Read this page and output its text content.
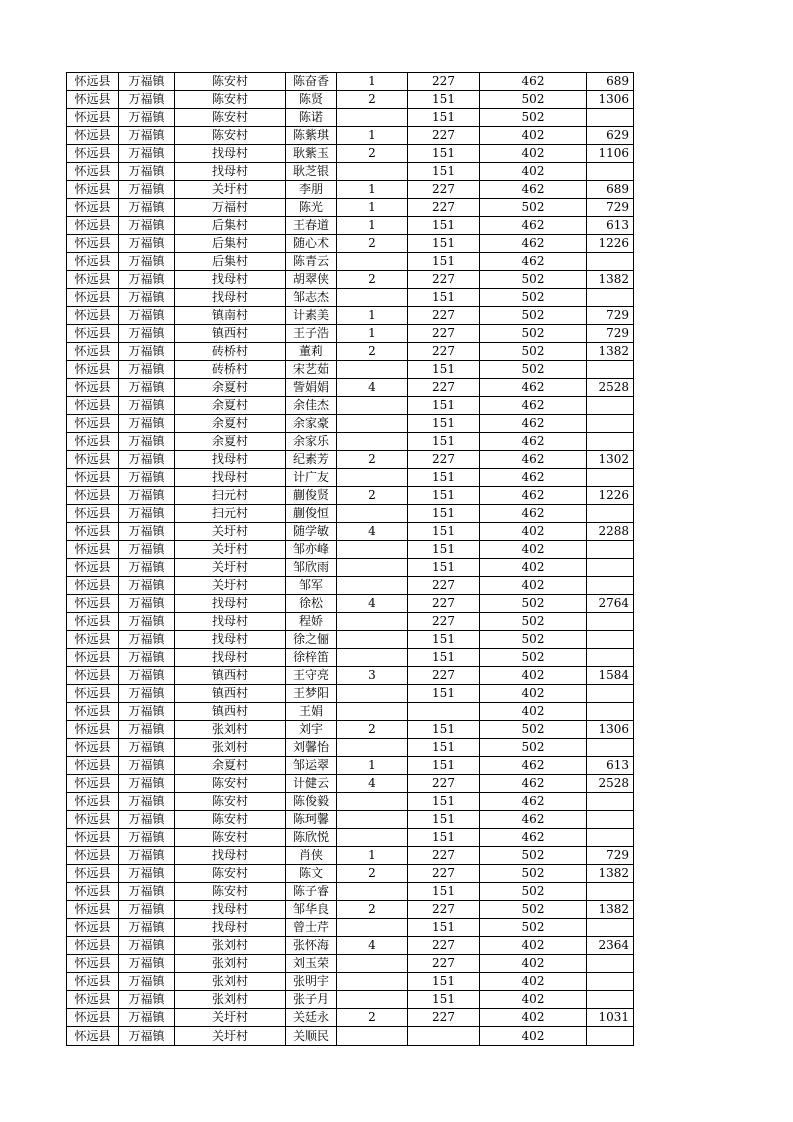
怀远县	万福镇	陈安村	陈奋香	1	227	462	689
怀远县	万福镇	陈安村	陈贤	2	151	502	1306
怀远县	万福镇	陈安村	陈诺		151	502	
怀远县	万福镇	陈安村	陈紫琪	1	227	402	629
怀远县	万福镇	找母村	耿紫玉	2	151	402	1106
怀远县	万福镇	找母村	耿芝银		151	402	
怀远县	万福镇	关圩村	李朋	1	227	462	689
怀远县	万福镇	万福村	陈光	1	227	502	729
怀远县	万福镇	后集村	王春道	1	151	462	613
怀远县	万福镇	后集村	随心术	2	151	462	1226
怀远县	万福镇	后集村	陈青云		151	462	
怀远县	万福镇	找母村	胡翠侠	2	227	502	1382
怀远县	万福镇	找母村	邹志杰		151	502	
怀远县	万福镇	镇南村	计素美	1	227	502	729
怀远县	万福镇	镇西村	王子浩	1	227	502	729
怀远县	万福镇	砖桥村	董莉	2	227	502	1382
怀远县	万福镇	砖桥村	宋艺茹		151	502	
怀远县	万福镇	余夏村	訾娟娟	4	227	462	2528
怀远县	万福镇	余夏村	余佳杰		151	462	
怀远县	万福镇	余夏村	余家豪		151	462	
怀远县	万福镇	余夏村	余家乐		151	462	
怀远县	万福镇	找母村	纪素芳	2	227	462	1302
怀远县	万福镇	找母村	计广友		151	462	
怀远县	万福镇	扫元村	蒯俊贤	2	151	462	1226
怀远县	万福镇	扫元村	蒯俊恒		151	462	
怀远县	万福镇	关圩村	随学敏	4	151	402	2288
怀远县	万福镇	关圩村	邹亦峰		151	402	
怀远县	万福镇	关圩村	邹欣雨		151	402	
怀远县	万福镇	关圩村	邹军		227	402	
怀远县	万福镇	找母村	徐松	4	227	502	2764
怀远县	万福镇	找母村	程娇		227	502	
怀远县	万福镇	找母村	徐之俪		151	502	
怀远县	万福镇	找母村	徐梓笛		151	502	
怀远县	万福镇	镇西村	王守亮	3	227	402	1584
怀远县	万福镇	镇西村	王梦阳		151	402	
怀远县	万福镇	镇西村	王娟			402	
怀远县	万福镇	张刘村	刘宇	2	151	502	1306
怀远县	万福镇	张刘村	刘馨怡		151	502	
怀远县	万福镇	余夏村	邹运翠	1	151	462	613
怀远县	万福镇	陈安村	计健云	4	227	462	2528
怀远县	万福镇	陈安村	陈俊毅		151	462	
怀远县	万福镇	陈安村	陈珂馨		151	462	
怀远县	万福镇	陈安村	陈欣悦		151	462	
怀远县	万福镇	找母村	肖侠	1	227	502	729
怀远县	万福镇	陈安村	陈文	2	227	502	1382
怀远县	万福镇	陈安村	陈子睿		151	502	
怀远县	万福镇	找母村	邹华良	2	227	502	1382
怀远县	万福镇	找母村	曾士芹		151	502	
怀远县	万福镇	张刘村	张怀海	4	227	402	2364
怀远县	万福镇	张刘村	刘玉荣		227	402	
怀远县	万福镇	张刘村	张明宇		151	402	
怀远县	万福镇	张刘村	张子月		151	402	
怀远县	万福镇	关圩村	关廷永	2	227	402	1031
怀远县	万福镇	关圩村	关顺民			402	
